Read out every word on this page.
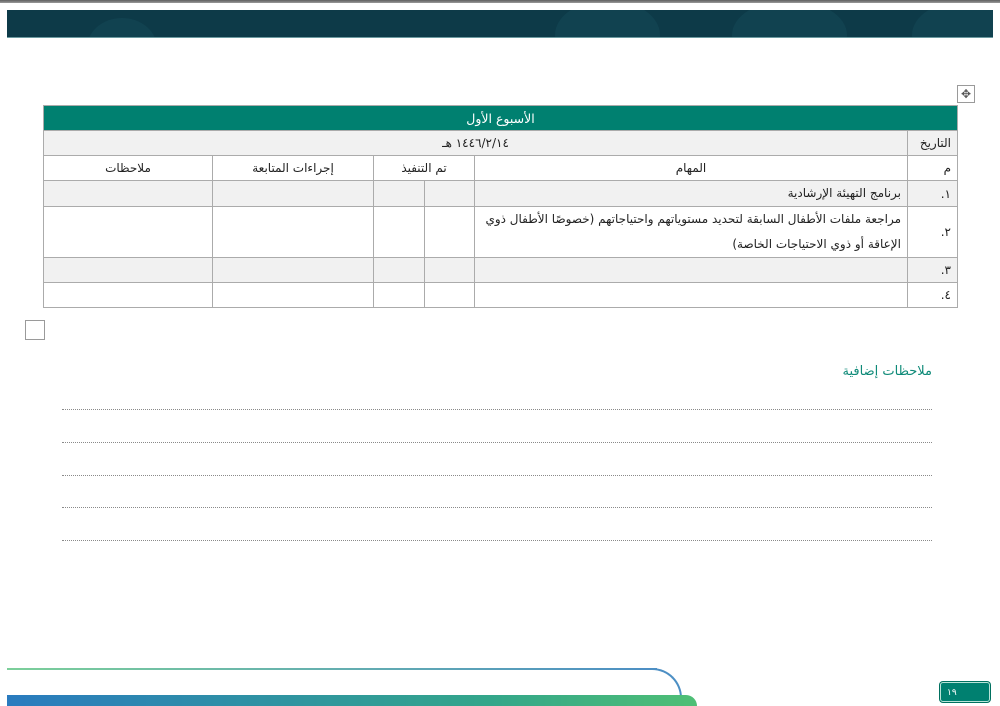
✥
الأسبوع الأول					
التاريخ	١٤٤٦/٢/١٤ هـ				
م	المهام	تم التنفيذ		إجراءات المتابعة	ملاحظات
١.	برنامج التهيئة الإرشادية				
٢.	مراجعة ملفات الأطفال السابقة لتحديد مستوياتهم واحتياجاتهم (خصوصًا الأطفال ذوي الإعاقة أو ذوي الاحتياجات الخاصة)				
٣.					
٤.					
ملاحظات إضافية
١٩
